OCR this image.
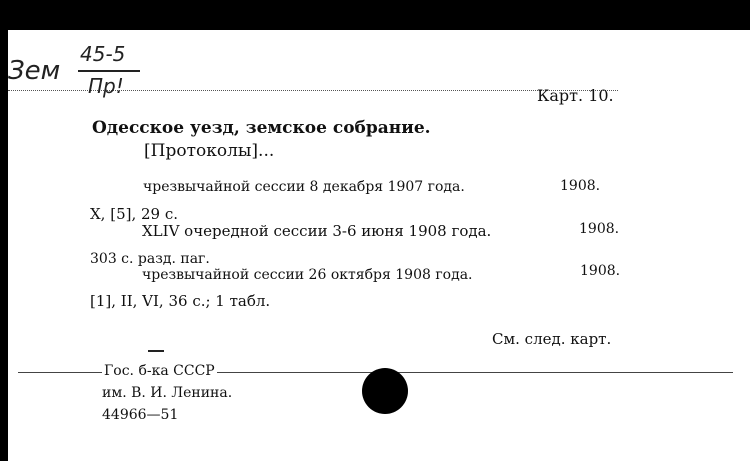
Зем
45-5
Пр!	Карт. 10.
Одесское уезд, земское собрание.
[Протоколы]...
чрезвычайной сессии 8 декабря 1907 года.	1908.
X, [5], 29 с.
XLIV очередной сессии 3-6 июня 1908 года.	1908.
303 с. разд. паг.
чрезвычайной сессии 26 октября 1908 года.	1908.
[1], II, VI, 36 с.; 1 табл.
См. след. карт.
Гос. б-ка СССР
им. В. И. Ленина.
44966—51
